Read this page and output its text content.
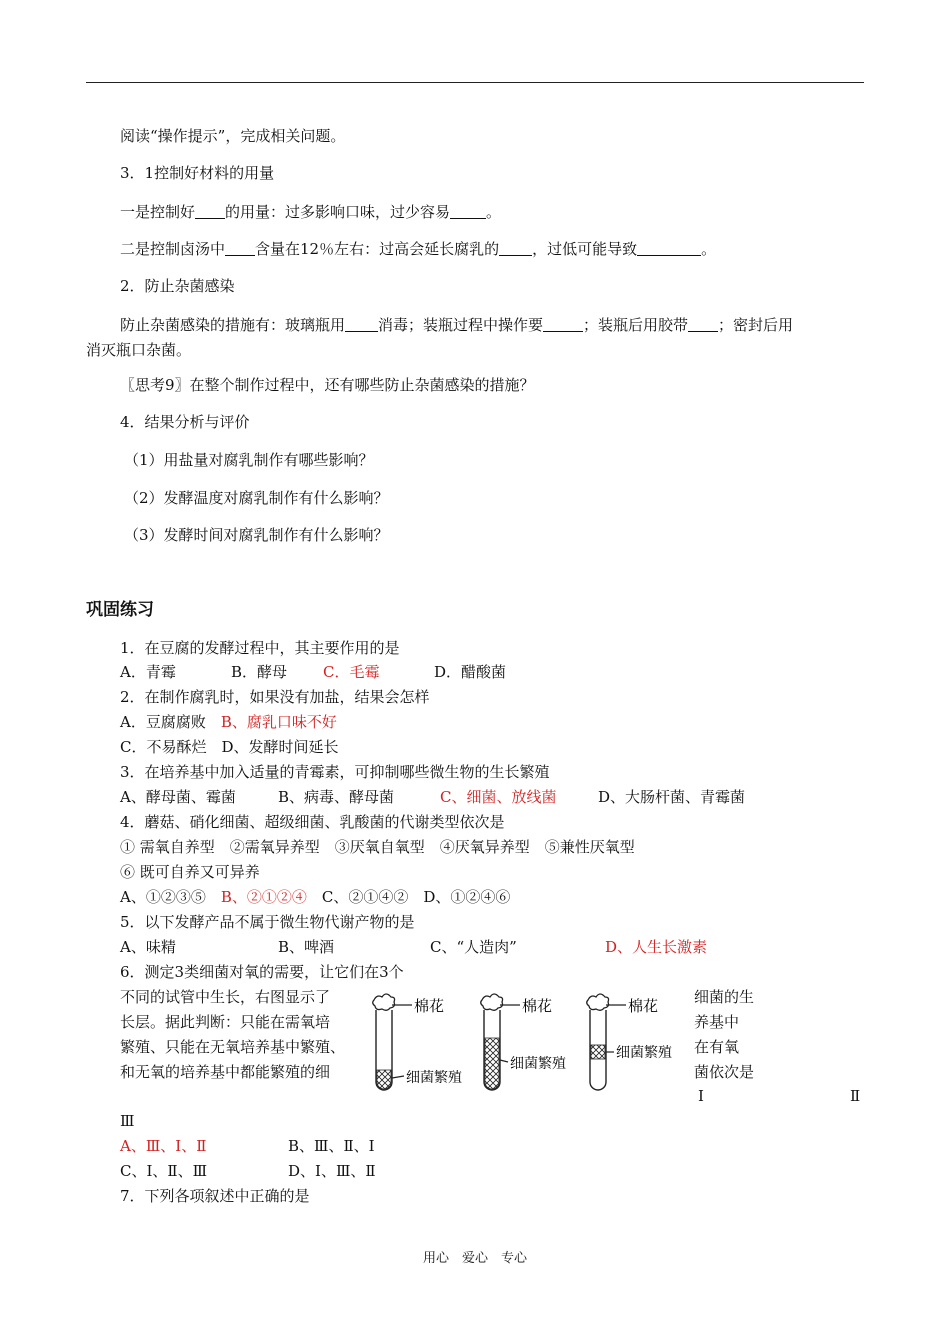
阅读“操作提示”，完成相关问题。
3．1控制好材料的用量
一是控制好 的用量：过多影响口味，过少容易 。
二是控制卤汤中 含量在12％左右：过高会延长腐乳的 ，过低可能导致	。
2．防止杂菌感染
防止杂菌感染的措施有：玻璃瓶用 消毒；装瓶过程中操作要	；装瓶后用胶带 ；密封后用
消灭瓶口杂菌。
〖思考9〗在整个制作过程中，还有哪些防止杂菌感染的措施？
4．结果分析与评价
（1）用盐量对腐乳制作有哪些影响？
（2）发酵温度对腐乳制作有什么影响？
（3）发酵时间对腐乳制作有什么影响？
巩固练习
1．在豆腐的发酵过程中，其主要作用的是
A．青霉	B．酵母 C．毛霉	D．醋酸菌
2．在制作腐乳时，如果没有加盐，结果会怎样
A．豆腐腐败　 B、腐乳口味不好
C．不易酥烂　 D、发酵时间延长
3．在培养基中加入适量的青霉素，可抑制哪些微生物的生长繁殖
A、酵母菌、霉菌	B、病毒、酵母菌	C、细菌、放线菌	D、大肠杆菌、青霉菌
4．蘑菇、硝化细菌、超级细菌、乳酸菌的代谢类型依次是
① 需氧自养型　②需氧异养型　③厌氧自氧型　④厌氧异养型　⑤兼性厌氧型
⑥ 既可自养又可异养
A、①②③⑤　 B、②①②④　 C、②①④②　 D、①②④⑥
5．以下发酵产品不属于微生物代谢产物的是
A、味精	B、啤酒	C、“人造肉”	D、人生长激素
6．测定3类细菌对氧的需要，让它们在3个
不同的试管中生长，右图显示了
长层。据此判断：只能在需氧培
繁殖、只能在无氧培养基中繁殖、
和无氧的培养基中都能繁殖的细
细菌的生
养基中
在有氧
菌依次是
Ⅰ	Ⅱ
Ⅲ
棉花
细菌繁殖
棉花
细菌繁殖
棉花
细菌繁殖
A、Ⅲ、Ⅰ、Ⅱ	B、Ⅲ、Ⅱ、Ⅰ
C、Ⅰ、Ⅱ、Ⅲ	D、Ⅰ、Ⅲ、Ⅱ
7．下列各项叙述中正确的是
用心　爱心　专心
